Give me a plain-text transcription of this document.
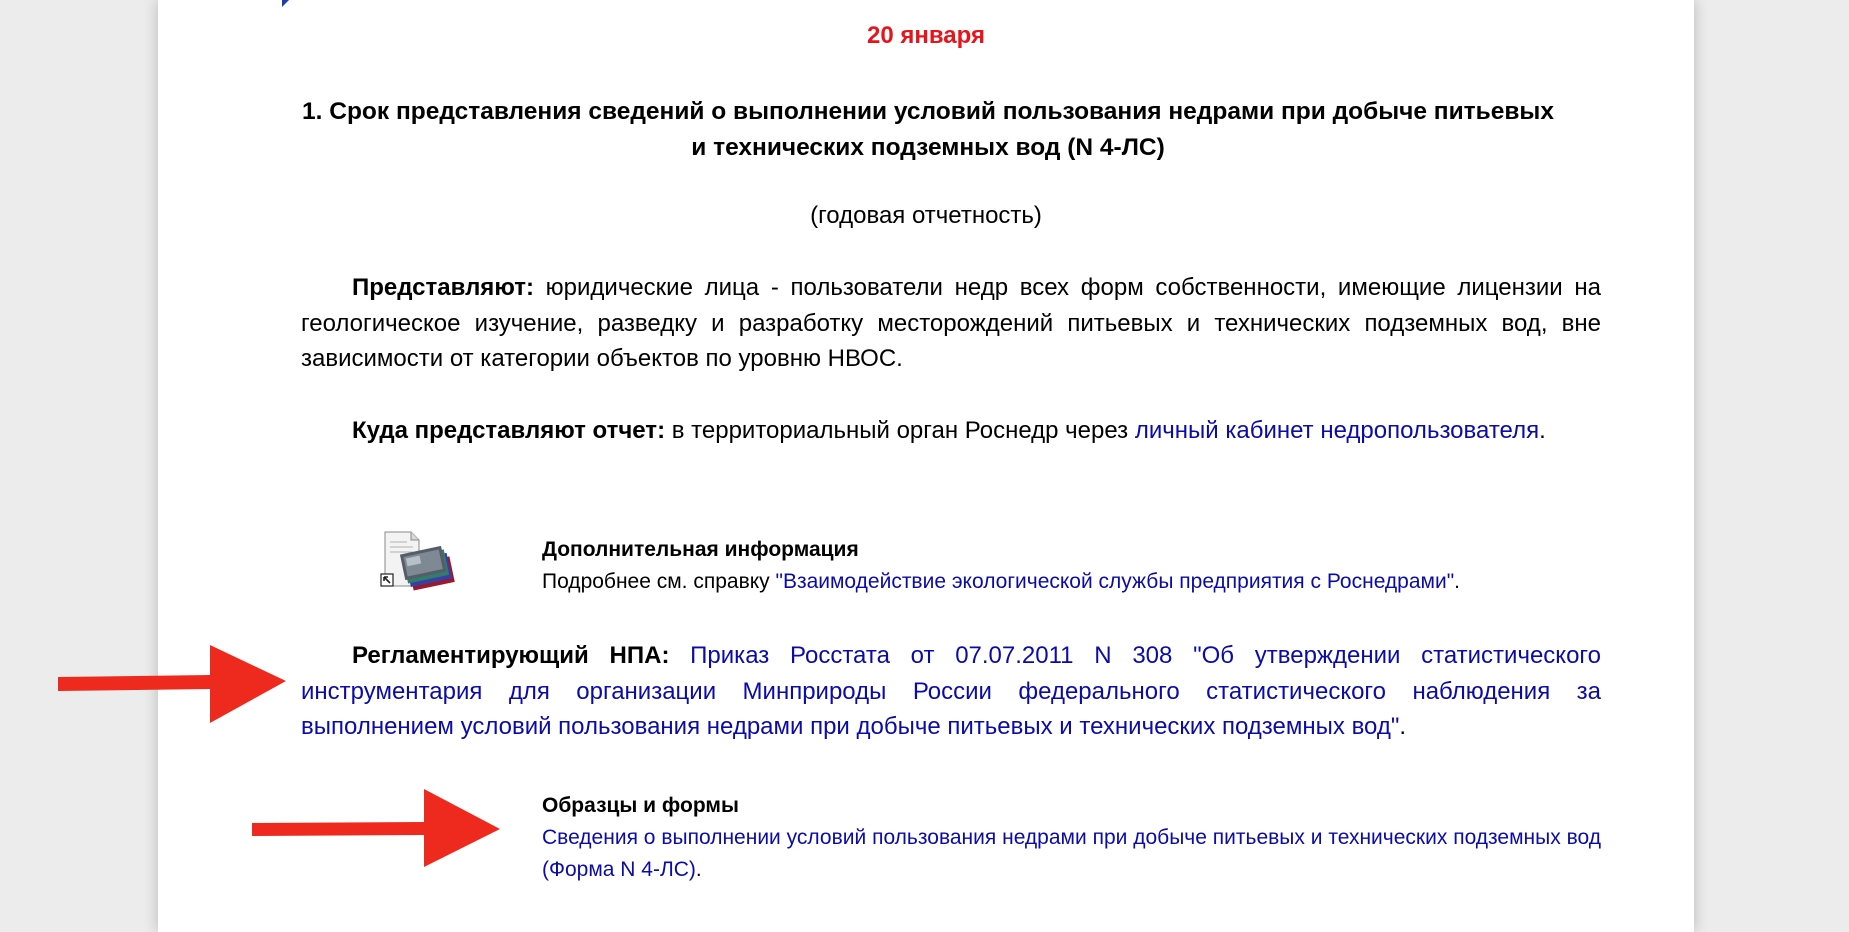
20 января
1. Срок представления сведений о выполнении условий пользования недрами при добыче питьевых и технических подземных вод (N 4-ЛС)
(годовая отчетность)

Представляют: юридические лица - пользователи недр всех форм собственности, имеющие лицензии на геологическое изучение, разведку и разработку месторождений питьевых и технических подземных вод, вне зависимости от категории объектов по уровню НВОС.

Куда представляют отчет: в территориальный орган Роснедр через личный кабинет недропользователя.

Дополнительная информация
Подробнее см. справку "Взаимодействие экологической службы предприятия с Роснедрами".

Регламентирующий НПА: Приказ Росстата от 07.07.2011 N 308 "Об утверждении статистического инструментария для организации Минприроды России федерального статистического наблюдения за выполнением условий пользования недрами при добыче питьевых и технических подземных вод".

Образцы и формы
Сведения о выполнении условий пользования недрами при добыче питьевых и технических подземных вод (Форма N 4-ЛС).
